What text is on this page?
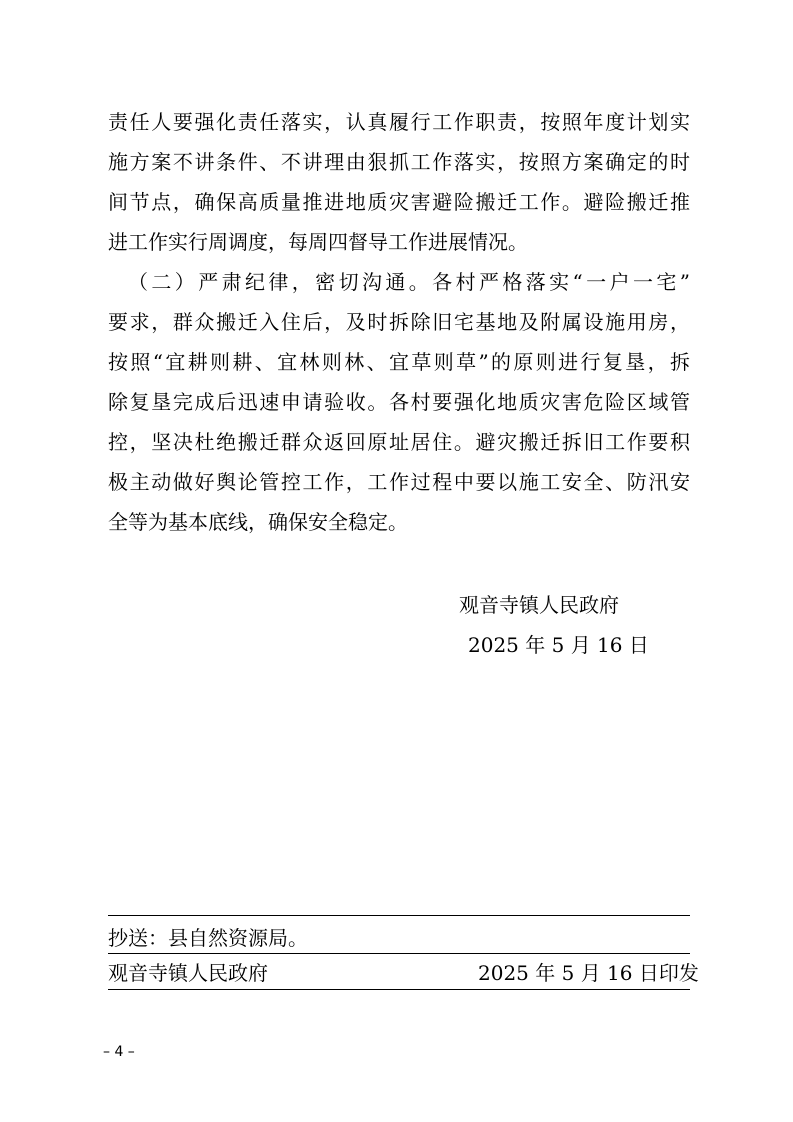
责任人要强化责任落实，认真履行工作职责，按照年度计划实
施方案不讲条件、不讲理由狠抓工作落实，按照方案确定的时
间节点，确保高质量推进地质灾害避险搬迁工作。避险搬迁推
进工作实行周调度，每周四督导工作进展情况。
（二）严肃纪律，密切沟通。各村严格落实“一户一宅”
要求，群众搬迁入住后，及时拆除旧宅基地及附属设施用房，
按照“宜耕则耕、宜林则林、宜草则草”的原则进行复垦，拆
除复垦完成后迅速申请验收。各村要强化地质灾害危险区域管
控，坚决杜绝搬迁群众返回原址居住。避灾搬迁拆旧工作要积
极主动做好舆论管控工作，工作过程中要以施工安全、防汛安
全等为基本底线，确保安全稳定。
观音寺镇人民政府
2025 年 5 月 16 日
抄送：县自然资源局。
观音寺镇人民政府	2025 年 5 月 16 日印发
– 4 –
